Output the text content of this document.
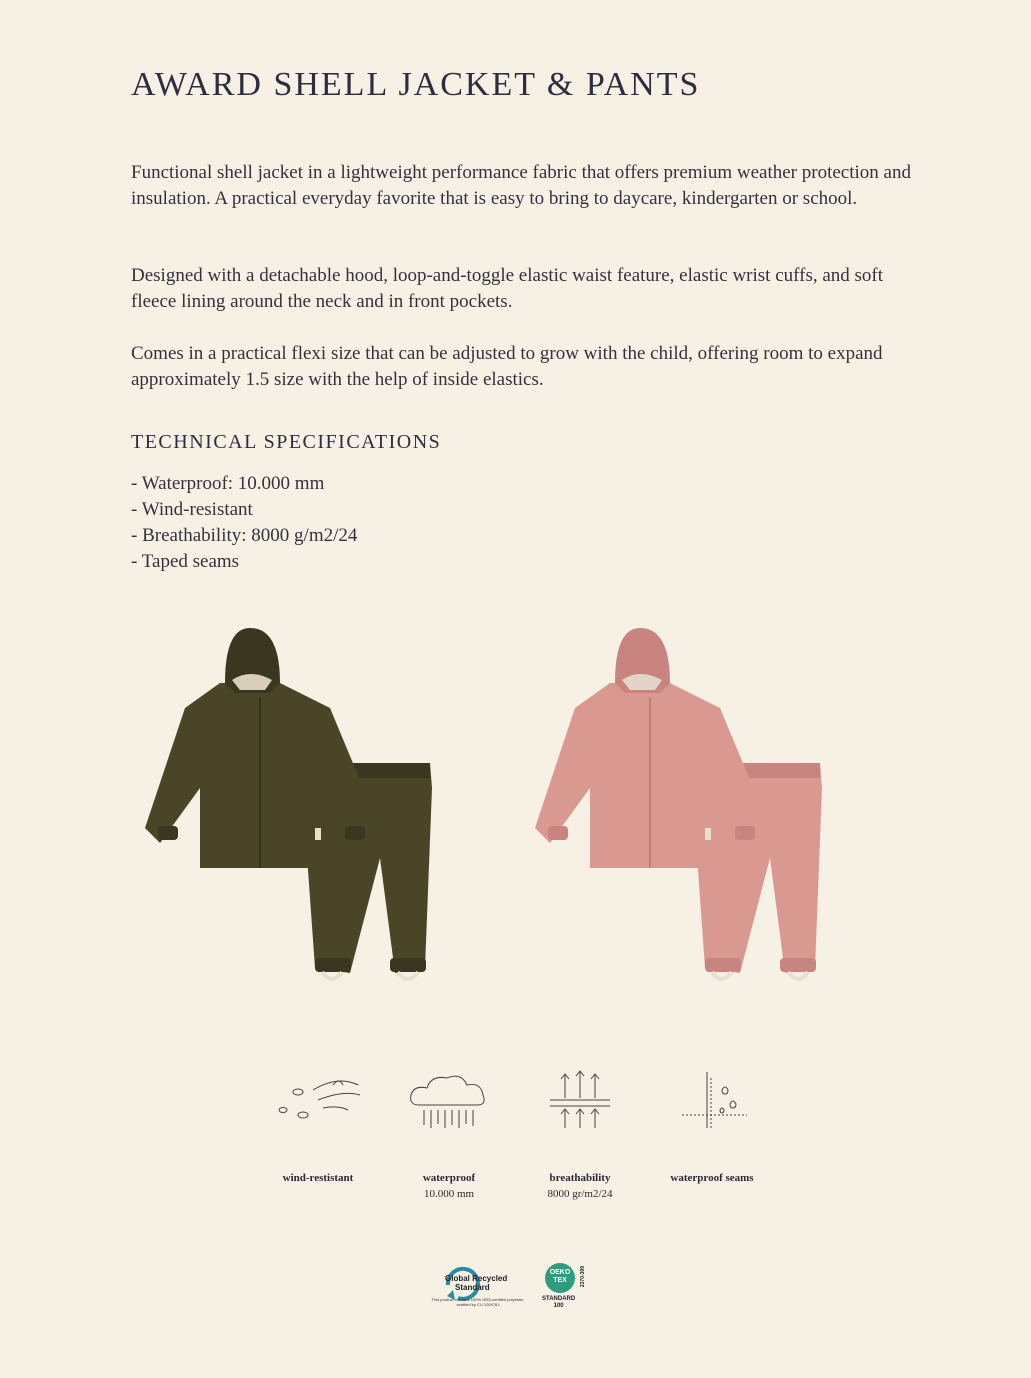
AWARD SHELL JACKET & PANTS
Functional shell jacket in a lightweight performance fabric that offers premium weather protection and insulation. A practical everyday favorite that is easy to bring to daycare, kindergarten or school.
Designed with a detachable hood, loop-and-toggle elastic waist feature, elastic wrist cuffs, and soft fleece lining around the neck and in front pockets.
Comes in a practical flexi size that can be adjusted to grow with the child, offering room to expand approximately 1.5 size with the help of inside elastics.
TECHNICAL SPECIFICATIONS
- Waterproof: 10.000 mm
- Wind-resistant
- Breathability: 8000 g/m2/24
- Taped seams
wind-restistant	waterproof
10.000 mm
breathability
8000 gr/m2/24
waterproof seams
Global Recycled
Standard
This product contains 100% GRS-certified polyester, certified by CU 1004761
OEKO
TEX
STANDARD
100
2370-399
